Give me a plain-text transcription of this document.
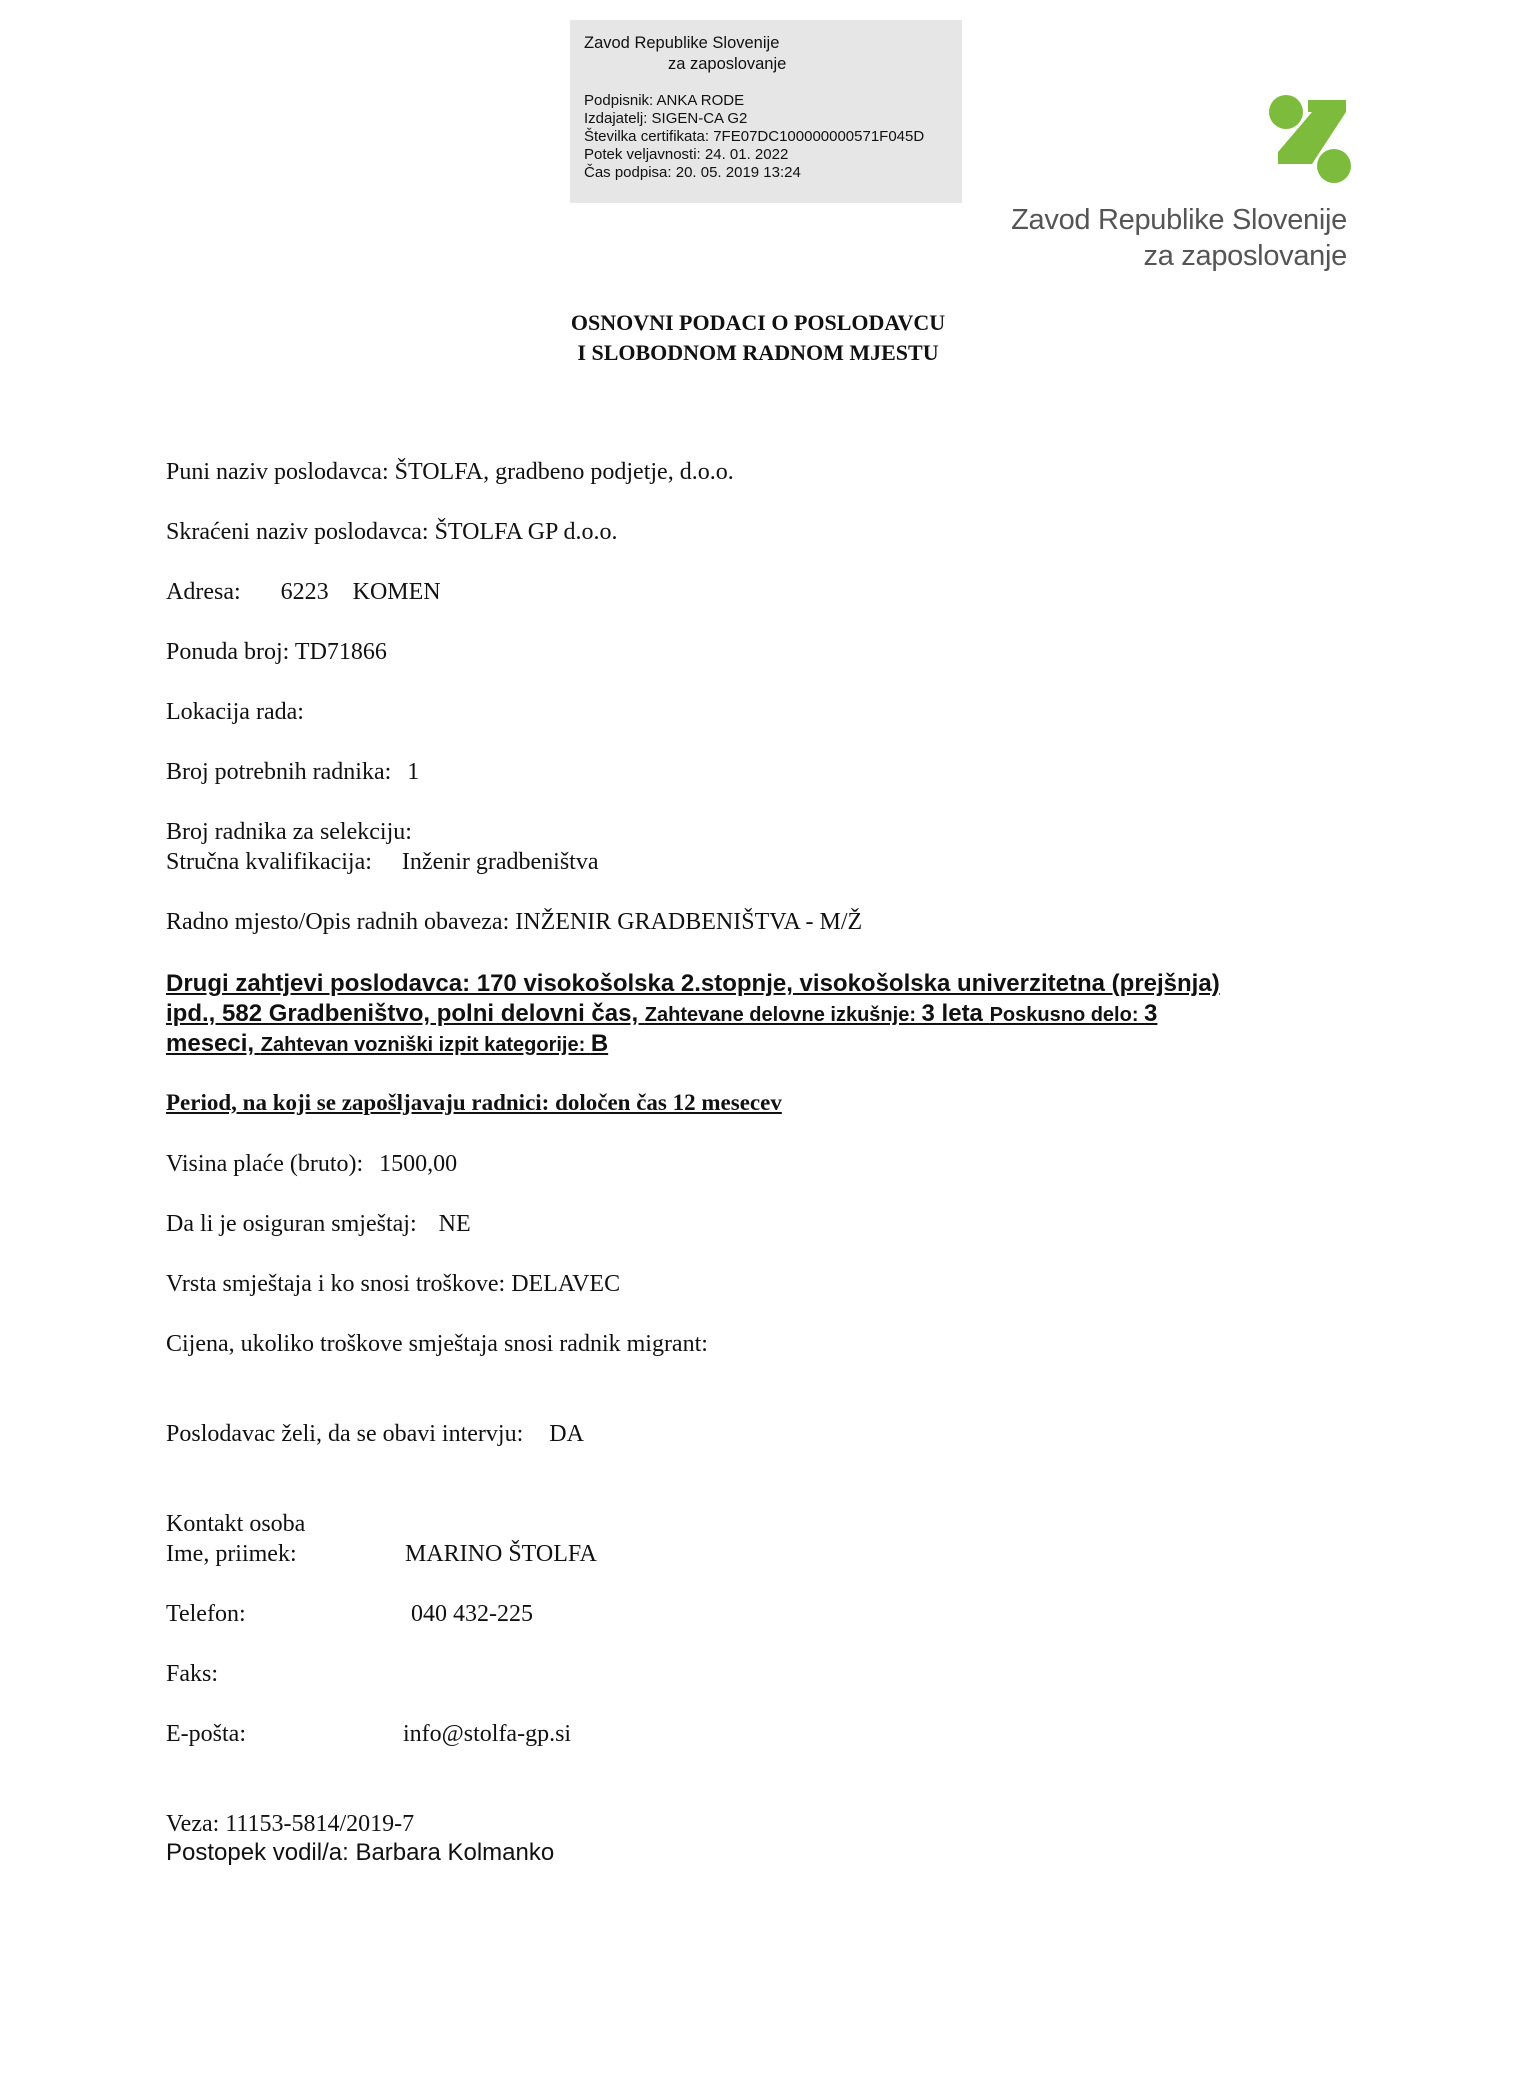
Zavod Republike Slovenije
za zaposlovanje
Podpisnik: ANKA RODE
Izdajatelj: SIGEN-CA G2
Številka certifikata: 7FE07DC100000000571F045D
Potek veljavnosti: 24. 01. 2022
Čas podpisa: 20. 05. 2019 13:24
Zavod Republike Slovenije
za zaposlovanje
OSNOVNI PODACI O POSLODAVCU
I SLOBODNOM RADNOM MJESTU
Puni naziv poslodavca: ŠTOLFA, gradbeno podjetje, d.o.o.
Skraćeni naziv poslodavca: ŠTOLFA GP d.o.o.
Adresa: 6223 KOMEN
Ponuda broj: TD71866
Lokacija rada:
Broj potrebnih radnika: 1
Broj radnika za selekciju:
Stručna kvalifikacija: Inženir gradbeništva
Radno mjesto/Opis radnih obaveza: INŽENIR GRADBENIŠTVA - M/Ž
Drugi zahtjevi poslodavca: 170 visokošolska 2.stopnje, visokošolska univerzitetna (prejšnja)
ipd., 582 Gradbeništvo, polni delovni čas, Zahtevane delovne izkušnje: 3 leta Poskusno delo: 3
meseci, Zahtevan vozniški izpit kategorije: B
Period, na koji se zapošljavaju radnici: določen čas 12 mesecev
Visina plaće (bruto): 1500,00
Da li je osiguran smještaj: NE
Vrsta smještaja i ko snosi troškove: DELAVEC
Cijena, ukoliko troškove smještaja snosi radnik migrant:
Poslodavac želi, da se obavi intervju: DA
Kontakt osoba
Ime, priimek:	MARINO ŠTOLFA
Telefon:	040 432-225
Faks:
E-pošta:	info@stolfa-gp.si
Veza: 11153-5814/2019-7
Postopek vodil/a: Barbara Kolmanko
